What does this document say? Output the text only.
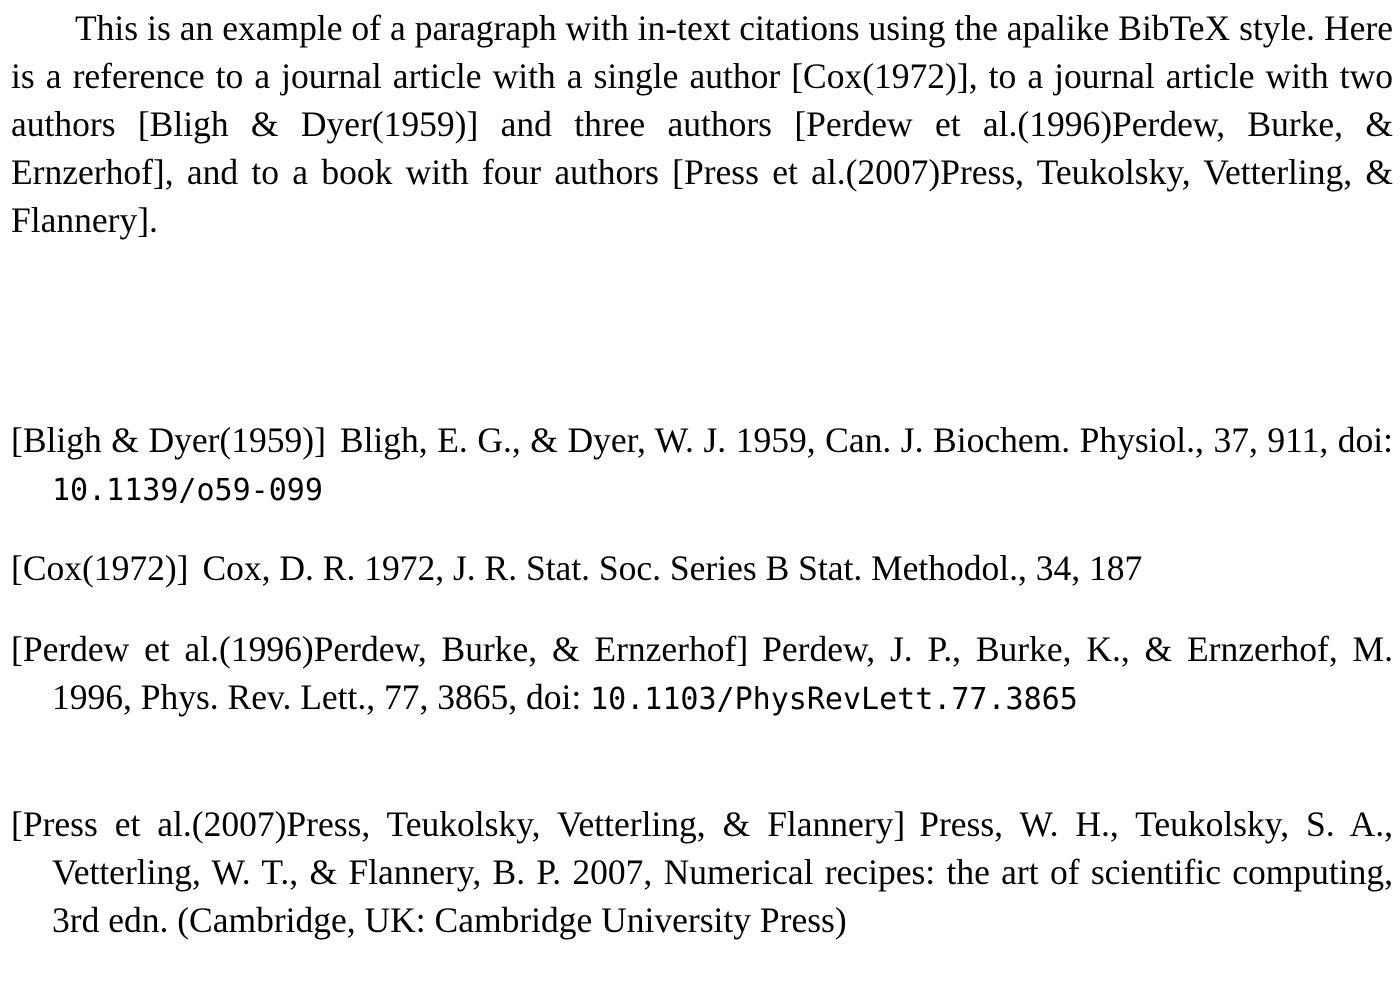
This is an example of a paragraph with in-text citations using the apalike BibTeX style. Here is a reference to a journal article with a single author [Cox(1972)], to a journal article with two authors [Bligh & Dyer(1959)] and three authors [Perdew et al.(1996)Perdew, Burke, & Ernzerhof], and to a book with four authors [Press et al.(2007)Press, Teukolsky, Vetterling, & Flannery].

[Bligh & Dyer(1959)] Bligh, E. G., & Dyer, W. J. 1959, Can. J. Biochem. Physiol., 37, 911, doi: 10.1139/o59-099

[Cox(1972)] Cox, D. R. 1972, J. R. Stat. Soc. Series B Stat. Methodol., 34, 187

[Perdew et al.(1996)Perdew, Burke, & Ernzerhof] Perdew, J. P., Burke, K., & Ernzerhof, M. 1996, Phys. Rev. Lett., 77, 3865, doi: 10.1103/PhysRevLett.77.3865

[Press et al.(2007)Press, Teukolsky, Vetterling, & Flannery] Press, W. H., Teukolsky, S. A., Vetterling, W. T., & Flannery, B. P. 2007, Numerical recipes: the art of scientific computing, 3rd edn. (Cambridge, UK: Cambridge University Press)
